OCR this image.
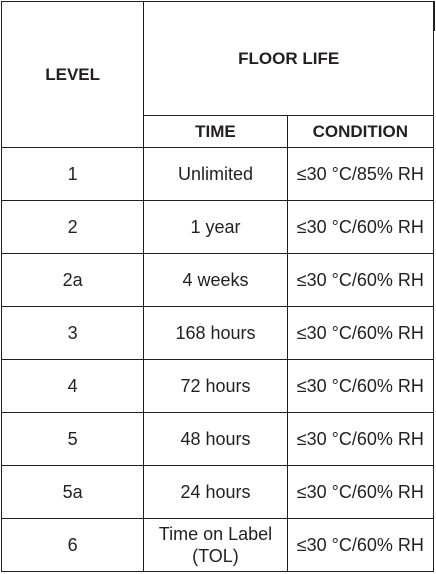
LEVEL	FLOOR LIFE	
	TIME	CONDITION
1	Unlimited	≤30 °C/85% RH
2	1 year	≤30 °C/60% RH
2a	4 weeks	≤30 °C/60% RH
3	168 hours	≤30 °C/60% RH
4	72 hours	≤30 °C/60% RH
5	48 hours	≤30 °C/60% RH
5a	24 hours	≤30 °C/60% RH
6	Time on Label (TOL)	≤30 °C/60% RH
